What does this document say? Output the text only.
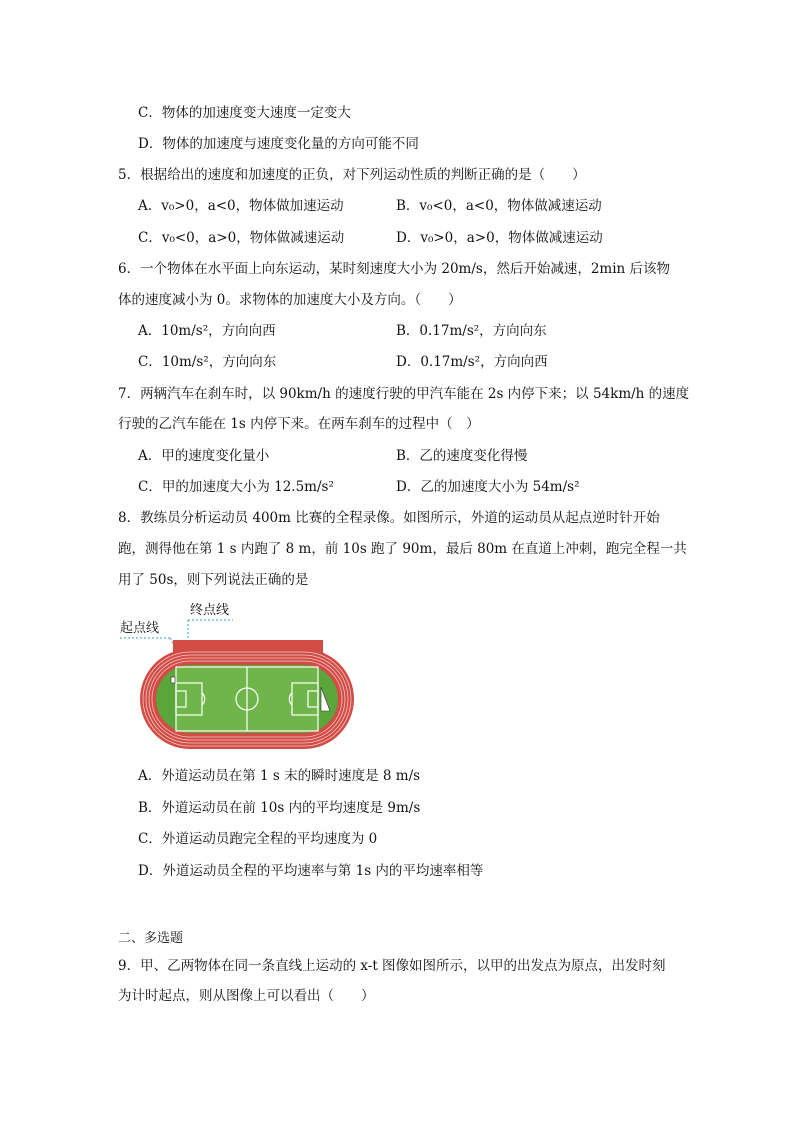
C．物体的加速度变大速度一定变大
D．物体的加速度与速度变化量的方向可能不同
5．根据给出的速度和加速度的正负，对下列运动性质的判断正确的是（　　）
A．v₀>0，a<0，物体做加速运动	B．v₀<0，a<0，物体做减速运动
C．v₀<0，a>0，物体做减速运动	D．v₀>0，a>0，物体做减速运动
6．一个物体在水平面上向东运动，某时刻速度大小为 20m/s，然后开始减速，2min 后该物
体的速度减小为 0。求物体的加速度大小及方向。（　　）
A．10m/s²，方向向西	B．0.17m/s²，方向向东
C．10m/s²，方向向东	D．0.17m/s²，方向向西
7．两辆汽车在刹车时，以 90km/h 的速度行驶的甲汽车能在 2s 内停下来；以 54km/h 的速度
行驶的乙汽车能在 1s 内停下来。在两车刹车的过程中（　）
A．甲的速度变化量小	B．乙的速度变化得慢
C．甲的加速度大小为 12.5m/s²	D．乙的加速度大小为 54m/s²
8．教练员分析运动员 400m 比赛的全程录像。如图所示，外道的运动员从起点逆时针开始
跑，测得他在第 1 s 内跑了 8 m，前 10s 跑了 90m，最后 80m 在直道上冲刺，跑完全程一共
用了 50s，则下列说法正确的是
终点线
起点线
A．外道运动员在第 1 s 末的瞬时速度是 8 m/s
B．外道运动员在前 10s 内的平均速度是 9m/s
C．外道运动员跑完全程的平均速度为 0
D．外道运动员全程的平均速率与第 1s 内的平均速率相等
二、多选题
9．甲、乙两物体在同一条直线上运动的 x-t 图像如图所示，以甲的出发点为原点，出发时刻
为计时起点，则从图像上可以看出（　　）
